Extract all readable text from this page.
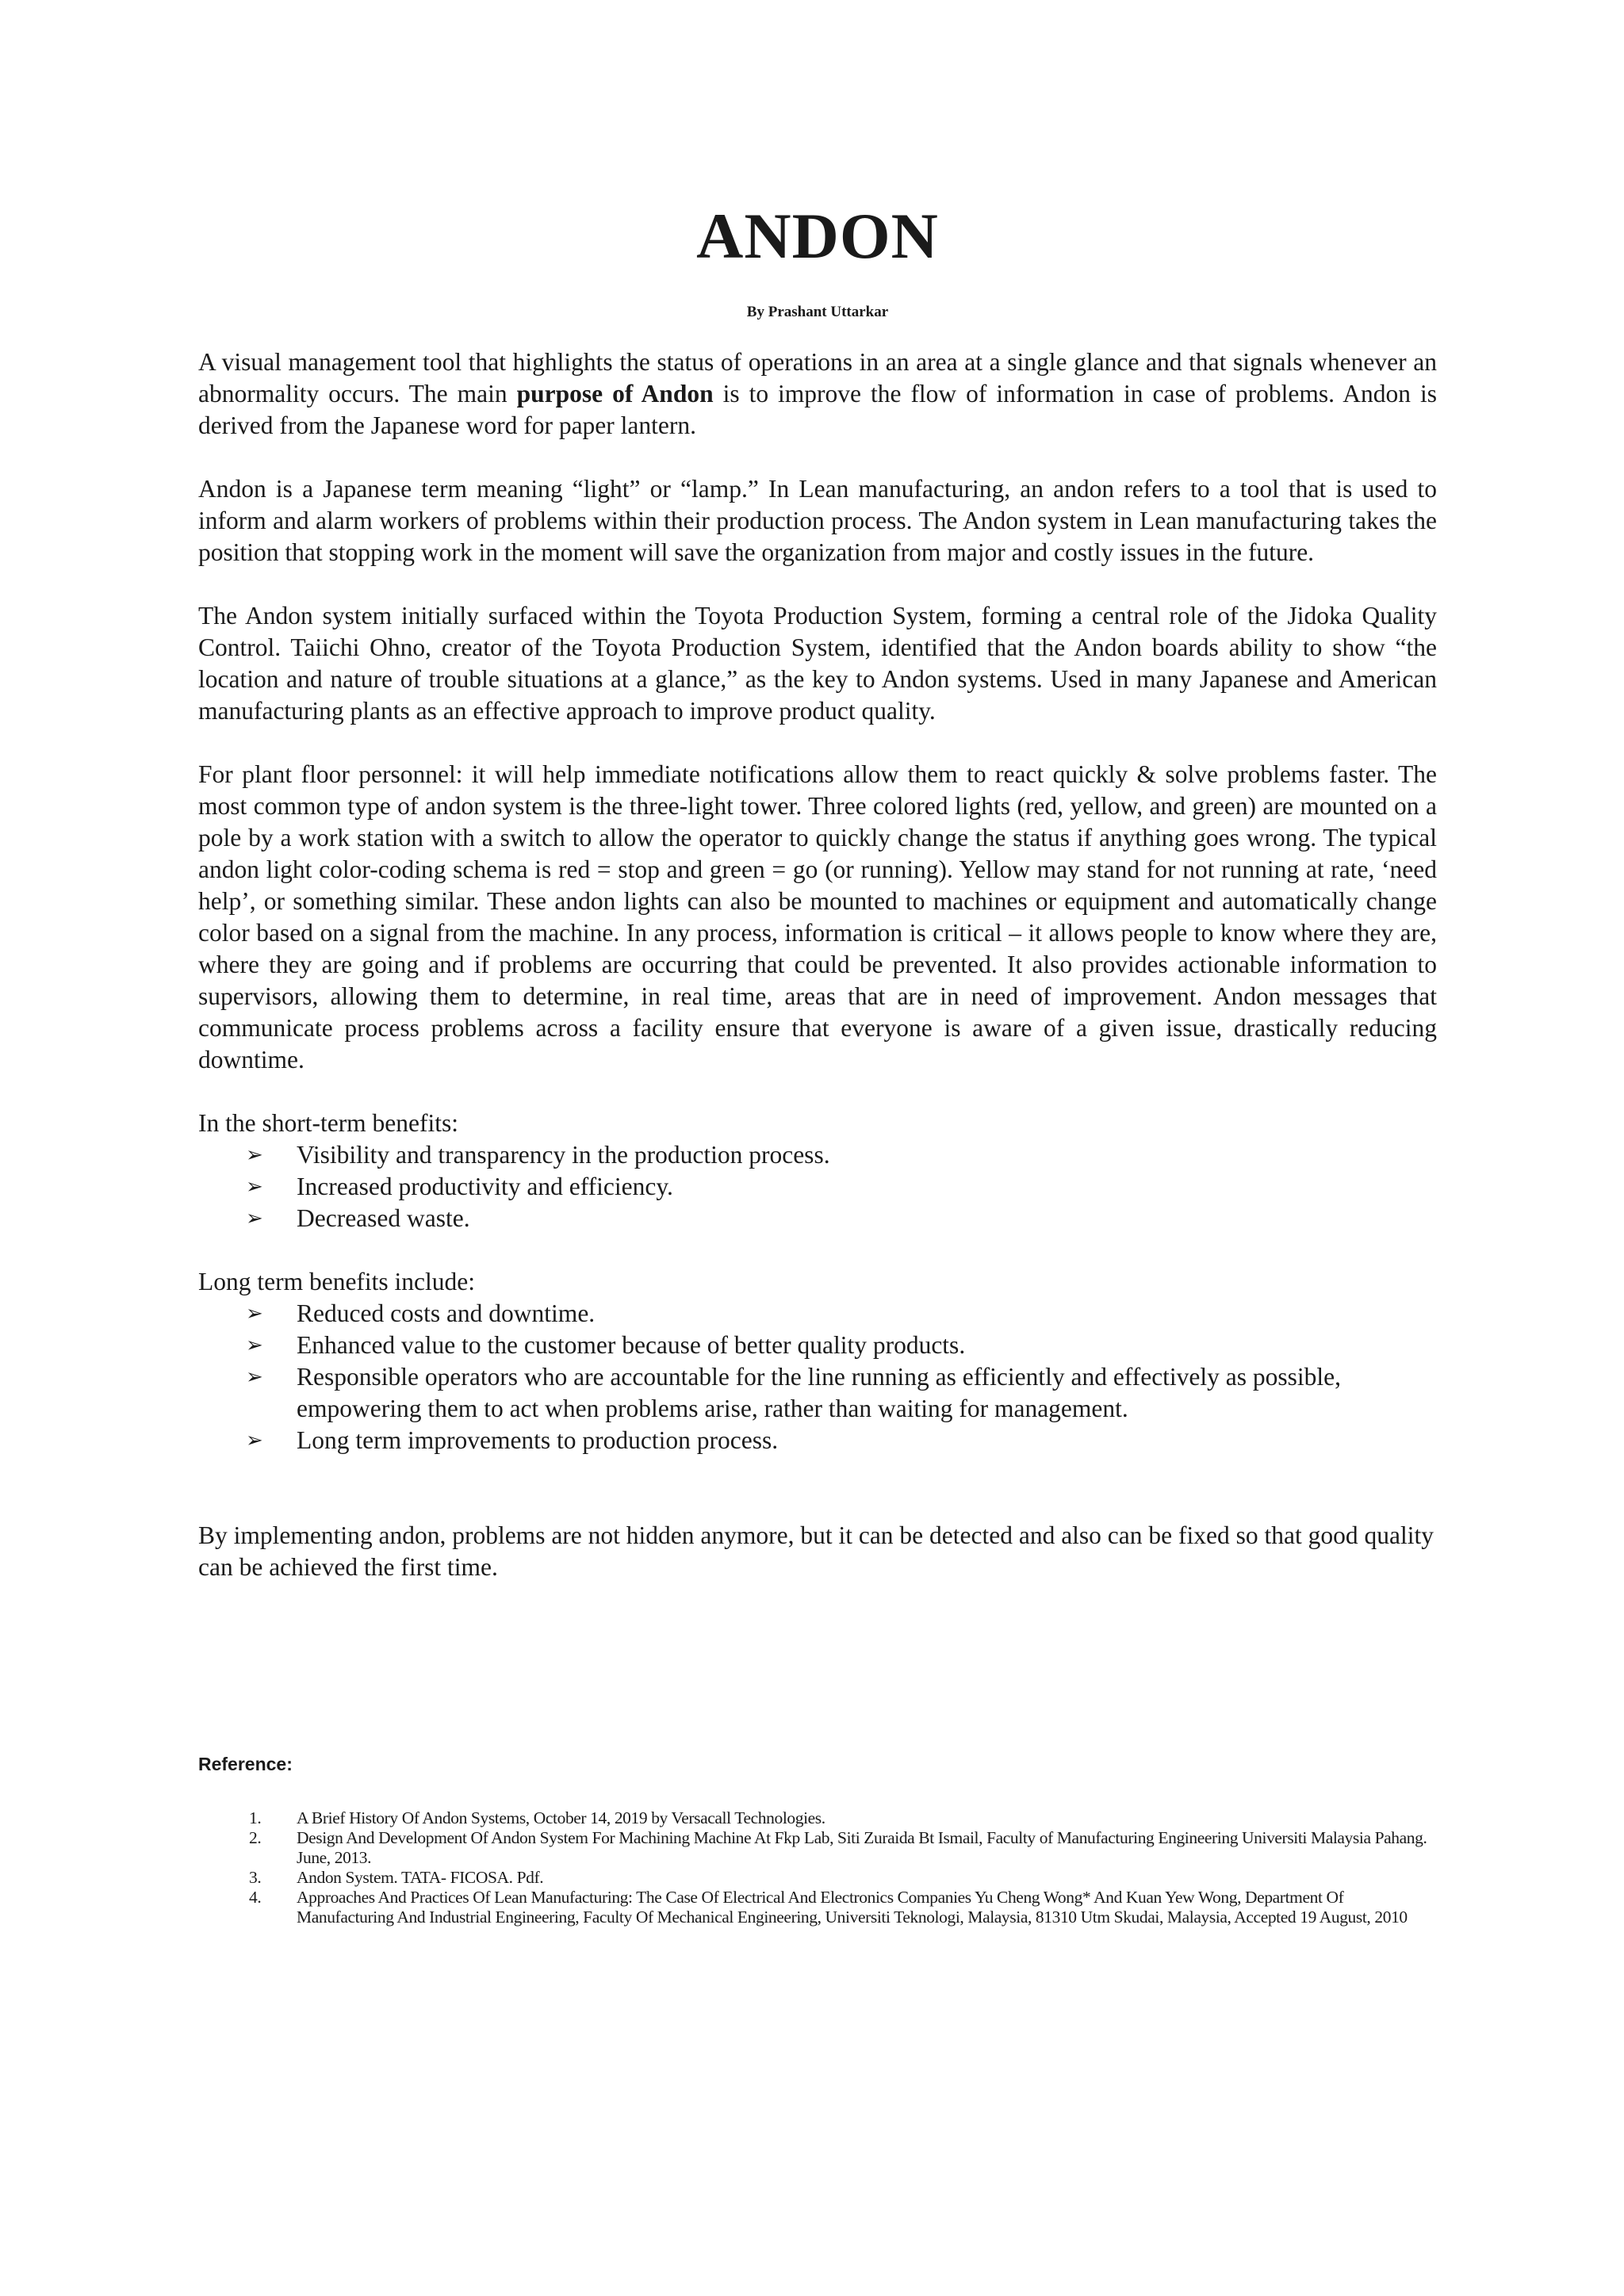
ANDON
By Prashant Uttarkar

A visual management tool that highlights the status of operations in an area at a single glance and that signals whenever an abnormality occurs. The main purpose of Andon is to improve the flow of information in case of problems. Andon is derived from the Japanese word for paper lantern.

Andon is a Japanese term meaning “light” or “lamp.” In Lean manufacturing, an andon refers to a tool that is used to inform and alarm workers of problems within their production process. The Andon system in Lean manufacturing takes the position that stopping work in the moment will save the organization from major and costly issues in the future.

The Andon system initially surfaced within the Toyota Production System, forming a central role of the Jidoka Quality Control. Taiichi Ohno, creator of the Toyota Production System, identified that the Andon boards ability to show “the location and nature of trouble situations at a glance,” as the key to Andon systems. Used in many Japanese and American manufacturing plants as an effective approach to improve product quality.

For plant floor personnel: it will help immediate notifications allow them to react quickly & solve problems faster. The most common type of andon system is the three-light tower. Three colored lights (red, yellow, and green) are mounted on a pole by a work station with a switch to allow the operator to quickly change the status if anything goes wrong. The typical andon light color-coding schema is red = stop and green = go (or running). Yellow may stand for not running at rate, ‘need help’, or something similar. These andon lights can also be mounted to machines or equipment and automatically change color based on a signal from the machine. In any process, information is critical – it allows people to know where they are, where they are going and if problems are occurring that could be prevented. It also provides actionable information to supervisors, allowing them to determine, in real time, areas that are in need of improvement. Andon messages that communicate process problems across a facility ensure that everyone is aware of a given issue, drastically reducing downtime.

In the short-term benefits:
➢ Visibility and transparency in the production process.
➢ Increased productivity and efficiency.
➢ Decreased waste.
Long term benefits include:
➢ Reduced costs and downtime.
➢ Enhanced value to the customer because of better quality products.
➢ Responsible operators who are accountable for the line running as efficiently and effectively as possible, empowering them to act when problems arise, rather than waiting for management.
➢ Long term improvements to production process.

By implementing andon, problems are not hidden anymore, but it can be detected and also can be fixed so that good quality can be achieved the first time.

Reference:
1. A Brief History Of Andon Systems, October 14, 2019 by Versacall Technologies.
2. Design And Development Of Andon System For Machining Machine At Fkp Lab, Siti Zuraida Bt Ismail, Faculty of Manufacturing Engineering Universiti Malaysia Pahang. June, 2013.
3. Andon System. TATA- FICOSA. Pdf.
4. Approaches And Practices Of Lean Manufacturing: The Case Of Electrical And Electronics Companies Yu Cheng Wong* And Kuan Yew Wong, Department Of Manufacturing And Industrial Engineering, Faculty Of Mechanical Engineering, Universiti Teknologi, Malaysia, 81310 Utm Skudai, Malaysia, Accepted 19 August, 2010
